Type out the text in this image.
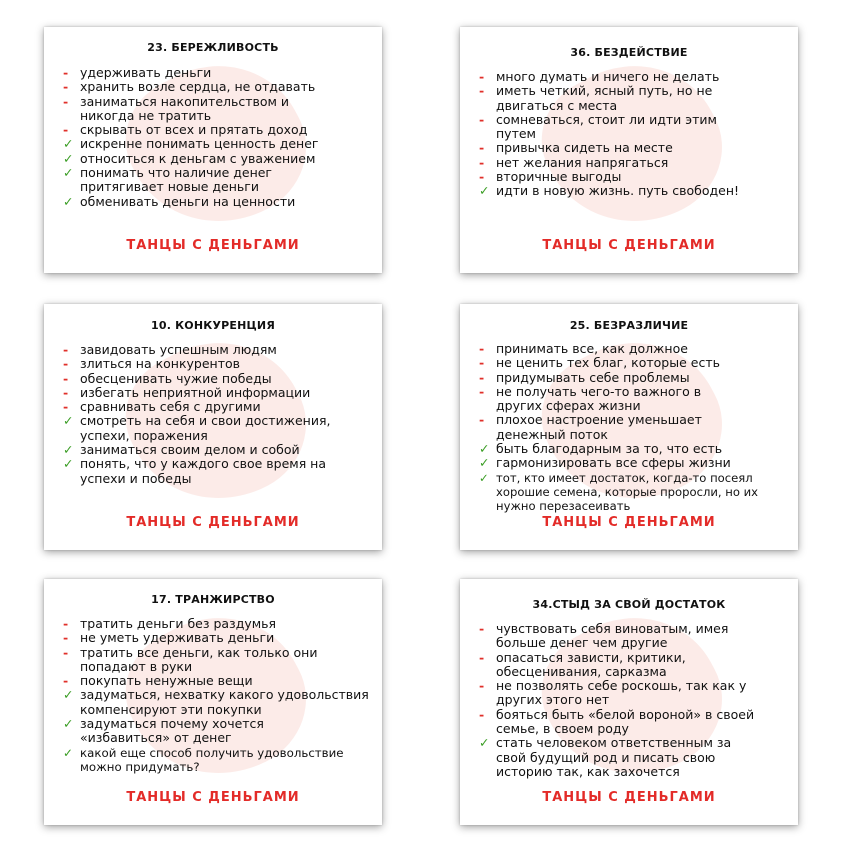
23. БЕРЕЖЛИВОСТЬ
- удерживать деньги
- хранить возле сердца, не отдавать
- заниматься накопительством и никогда не тратить
- скрывать от всех и прятать доход
✓ искренне понимать ценность денег
✓ относиться к деньгам с уважением
✓ понимать что наличие денег притягивает новые деньги
✓ обменивать деньги на ценности
ТАНЦЫ С ДЕНЬГАМИ
36. БЕЗДЕЙСТВИЕ
- много думать и ничего не делать
- иметь четкий, ясный путь, но не двигаться с места
- сомневаться, стоит ли идти этим путем
- привычка сидеть на месте
- нет желания напрягаться
- вторичные выгоды
✓ идти в новую жизнь. путь свободен!
ТАНЦЫ С ДЕНЬГАМИ
10. КОНКУРЕНЦИЯ
- завидовать успешным людям
- злиться на конкурентов
- обесценивать чужие победы
- избегать неприятной информации
- сравнивать себя с другими
✓ смотреть на себя и свои достижения, успехи, поражения
✓ заниматься своим делом и собой
✓ понять, что у каждого свое время на успехи и победы
ТАНЦЫ С ДЕНЬГАМИ
25. БЕЗРАЗЛИЧИЕ
- принимать все, как должное
- не ценить тех благ, которые есть
- придумывать себе проблемы
- не получать чего-то важного в других сферах жизни
- плохое настроение уменьшает денежный поток
✓ быть благодарным за то, что есть
✓ гармонизировать все сферы жизни
✓ тот, кто имеет достаток, когда-то посеял хорошие семена, которые проросли, но их нужно перезасеивать
ТАНЦЫ С ДЕНЬГАМИ
17. ТРАНЖИРСТВО
- тратить деньги без раздумья
- не уметь удерживать деньги
- тратить все деньги, как только они попадают в руки
- покупать ненужные вещи
✓ задуматься, нехватку какого удовольствия компенсируют эти покупки
✓ задуматься почему хочется «избавиться» от денег
✓ какой еще способ получить удовольствие можно придумать?
ТАНЦЫ С ДЕНЬГАМИ
34.СТЫД ЗА СВОЙ ДОСТАТОК
- чувствовать себя виноватым, имея больше денег чем другие
- опасаться зависти, критики, обесценивания, сарказма
- не позволять себе роскошь, так как у других этого нет
- бояться быть «белой вороной» в своей семье, в своем роду
✓ стать человеком ответственным за свой будущий род и писать свою историю так, как захочется
ТАНЦЫ С ДЕНЬГАМИ
